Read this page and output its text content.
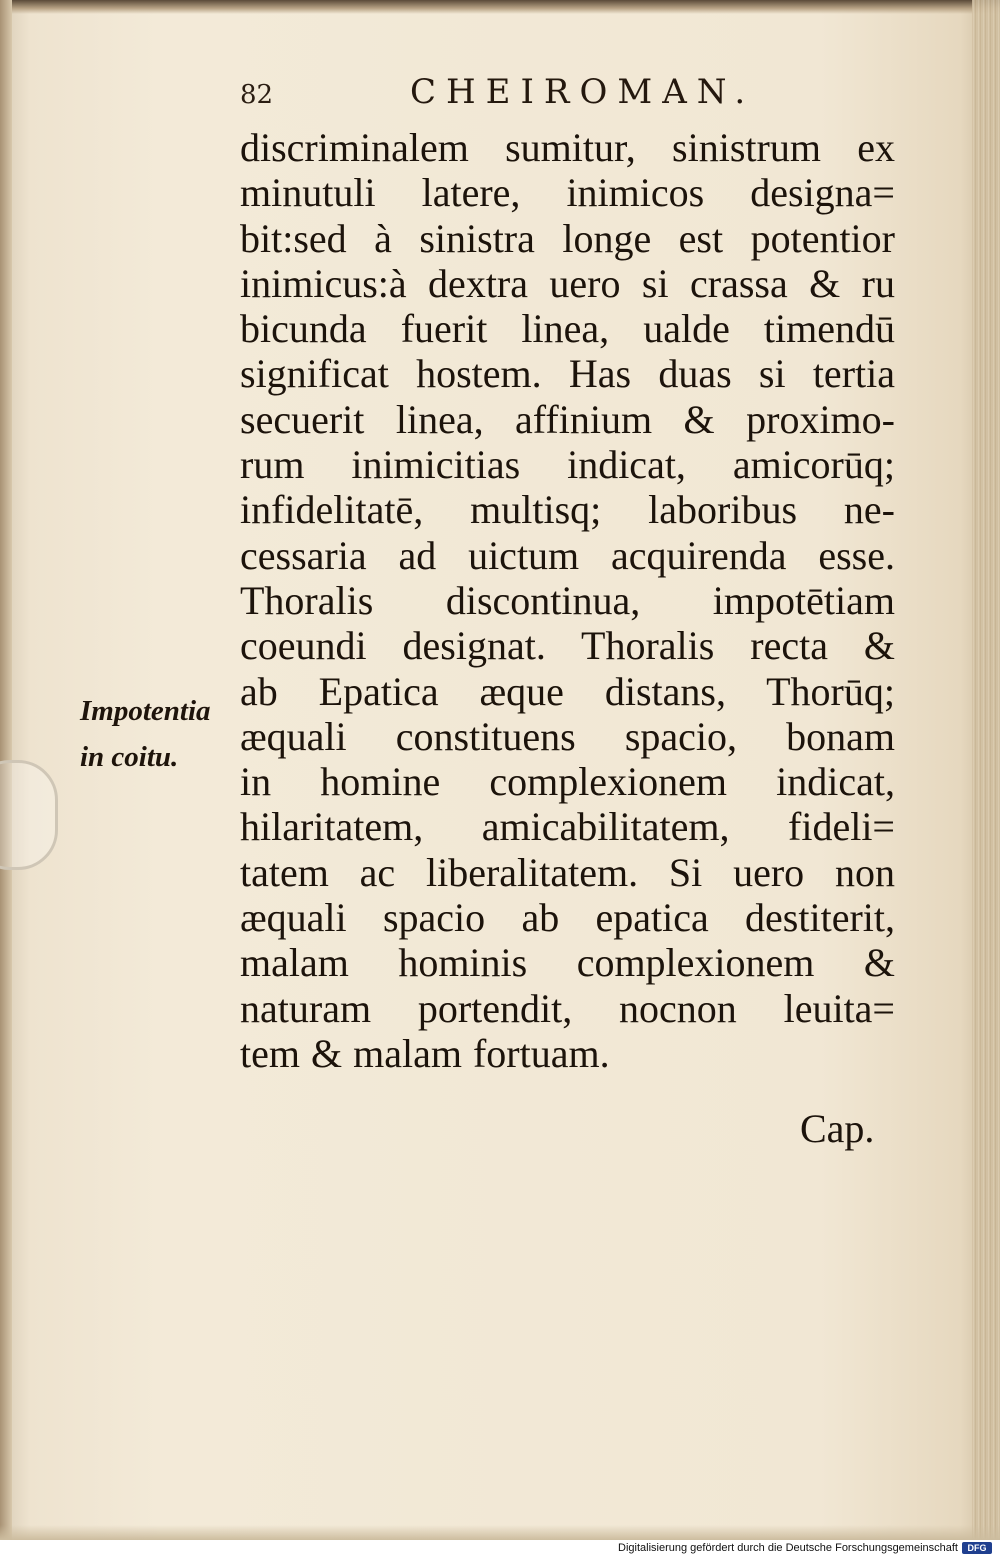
82	CHEIROMAN.
discriminalem sumitur, sinistrum ex
minutuli latere, inimicos designa=
bit:sed à sinistra longe est potentior
inimicus:à dextra uero si crassa & ru
bicunda fuerit linea, ualde timendū
significat hostem. Has duas si tertia
secuerit linea, affinium & proximo-
rum inimicitias indicat, amicorūq;
infidelitatē, multisq; laboribus ne-
cessaria ad uictum acquirenda esse.
Thoralis discontinua, impotētiam
coeundi designat. Thoralis recta &
ab Epatica æque distans, Thorūq;
æquali constituens spacio, bonam
in homine complexionem indicat,
hilaritatem, amicabilitatem, fideli=
tatem ac liberalitatem. Si uero non
æquali spacio ab epatica destiterit,
malam hominis complexionem &
naturam portendit, nocnon leuita=
tem & malam fortuam.
Cap.
Impotentia
in coitu.
Digitalisierung gefördert durch die Deutsche Forschungsgemeinschaft	DFG
